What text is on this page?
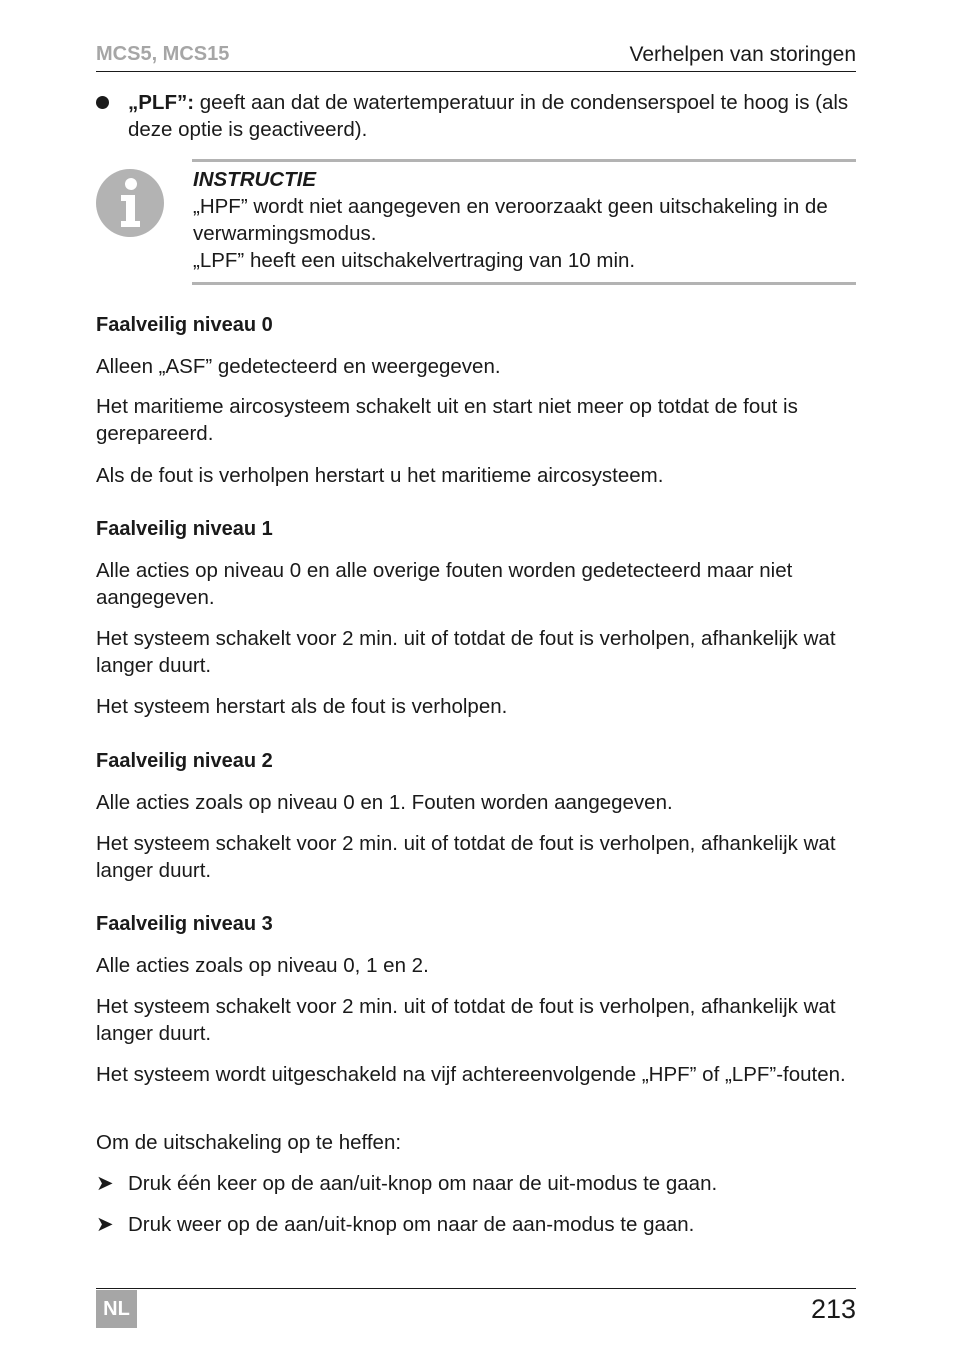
MCS5, MCS15	Verhelpen van storingen

„PLF”: geeft aan dat de watertemperatuur in de condenserspoel te hoog is (als deze optie is geactiveerd).

INSTRUCTIE

„HPF” wordt niet aangegeven en veroorzaakt geen uitschakeling in de verwarmingsmodus.

„LPF” heeft een uitschakelvertraging van 10 min.

Faalveilig niveau 0

Alleen „ASF” gedetecteerd en weergegeven.

Het maritieme aircosysteem schakelt uit en start niet meer op totdat de fout is gerepareerd.

Als de fout is verholpen herstart u het maritieme aircosysteem.

Faalveilig niveau 1

Alle acties op niveau 0 en alle overige fouten worden gedetecteerd maar niet aangegeven.

Het systeem schakelt voor 2 min. uit of totdat de fout is verholpen, afhankelijk wat langer duurt.

Het systeem herstart als de fout is verholpen.

Faalveilig niveau 2

Alle acties zoals op niveau 0 en 1. Fouten worden aangegeven.

Het systeem schakelt voor 2 min. uit of totdat de fout is verholpen, afhankelijk wat langer duurt.

Faalveilig niveau 3

Alle acties zoals op niveau 0, 1 en 2.

Het systeem schakelt voor 2 min. uit of totdat de fout is verholpen, afhankelijk wat langer duurt.

Het systeem wordt uitgeschakeld na vijf achtereenvolgende „HPF” of „LPF”-fouten.

Om de uitschakeling op te heffen:

➤ Druk één keer op de aan/uit-knop om naar de uit-modus te gaan.

➤ Druk weer op de aan/uit-knop om naar de aan-modus te gaan.

NL	213
